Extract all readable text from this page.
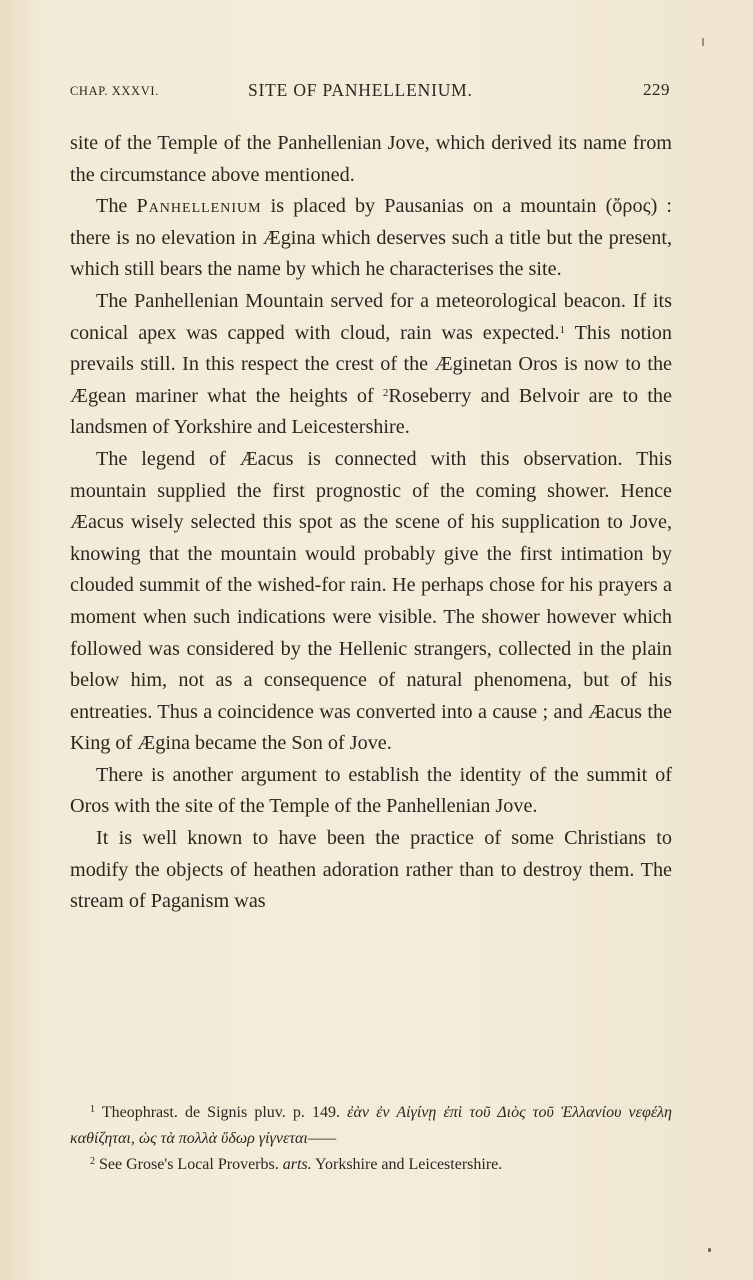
CHAP. XXXVI.	SITE OF PANHELLENIUM.	229

site of the Temple of the Panhellenian Jove, which derived its name from the circumstance above mentioned.

The Panhellenium is placed by Pausanias on a mountain (ὄρος) : there is no elevation in Ægina which deserves such a title but the present, which still bears the name by which he characterises the site.

The Panhellenian Mountain served for a meteorological beacon. If its conical apex was capped with cloud, rain was expected.$^1$ This notion prevails still. In this respect the crest of the Æginetan Oros is now to the Ægean mariner what the heights of $^2$Roseberry and Belvoir are to the landsmen of Yorkshire and Leicestershire.

The legend of Æacus is connected with this observation. This mountain supplied the first prognostic of the coming shower. Hence Æacus wisely selected this spot as the scene of his supplication to Jove, knowing that the mountain would probably give the first intimation by clouded summit of the wished-for rain. He perhaps chose for his prayers a moment when such indications were visible. The shower however which followed was considered by the Hellenic strangers, collected in the plain below him, not as a consequence of natural phenomena, but of his entreaties. Thus a coincidence was converted into a cause ; and Æacus the King of Ægina became the Son of Jove.

There is another argument to establish the identity of the summit of Oros with the site of the Temple of the Panhellenian Jove.

It is well known to have been the practice of some Christians to modify the objects of heathen adoration rather than to destroy them. The stream of Paganism was

$^1$ Theophrast. de Signis pluv. p. 149. ἐὰν ἐν Αἰγίνῃ ἐπὶ τοῦ Διὸς τοῦ Ἑλλανίου νεφέλη καθίζηται, ὡς τὰ πολλὰ ὕδωρ γίγνεται——

$^2$ See Grose's Local Proverbs. arts. Yorkshire and Leicestershire.
